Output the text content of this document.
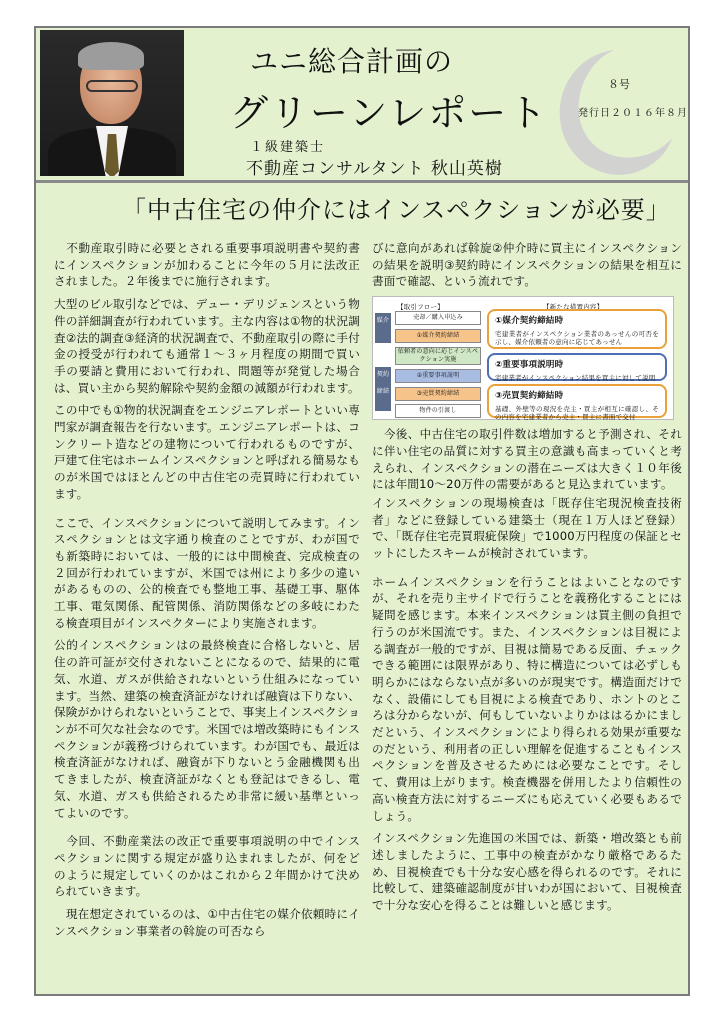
ユニ総合計画の
グリーンレポート
１級建築士
不動産コンサルタント 秋山英樹
８号
発行日２０１６年８月
「中古住宅の仲介にはインスペクションが必要」

　不動産取引時に必要とされる重要事項説明書や契約書にインスペクションが加わることに今年の５月に法改正されました。２年後までに施行されます。

大型のビル取引などでは、デュー・デリジェンスという物件の詳細調査が行われています。主な内容は①物的状況調査②法的調査③経済的状況調査で、不動産取引の際に手付金の授受が行われても通常１～３ヶ月程度の期間で買い手の要請と費用において行われ、問題等が発覚した場合は、買い主から契約解除や契約金額の減額が行われます。

この中でも①物的状況調査をエンジニアレポートといい専門家が調査報告を行ないます。エンジニアレポートは、コンクリート造などの建物について行われるものですが、戸建て住宅はホームインスペクションと呼ばれる簡易なものが米国ではほとんどの中古住宅の売買時に行われています。

ここで、インスペクションについて説明してみます。インスペクションとは文字通り検査のことですが、わが国でも新築時においては、一般的には中間検査、完成検査の２回が行われていますが、米国では州により多少の違いがあるものの、公的検査でも整地工事、基礎工事、駆体工事、電気関係、配管関係、消防関係などの多岐にわたる検査項目がインスペクターにより実施されます。

公的インスペクションはの最終検査に合格しないと、居住の許可証が交付されないことになるので、結果的に電気、水道、ガスが供給されないという仕組みになっています。当然、建築の検査済証がなければ融資は下りない、保険がかけられないということで、事実上インスペクションが不可欠な社会なのです。米国では増改築時にもインスペクションが義務づけられています。わが国でも、最近は検査済証がなければ、融資が下りないとう金融機関も出てきましたが、検査済証がなくとも登記はできるし、電気、水道、ガスも供給されるため非常に緩い基準といってよいのです。

　今回、不動産業法の改正で重要事項説明の中でインスペクションに関する規定が盛り込まれましたが、何をどのように規定していくのかはこれから２年間かけて決められていきます。

　現在想定されているのは、①中古住宅の媒介依頼時にインスペクション事業者の斡旋の可否なら

びに意向があれば斡旋②仲介時に買主にインスペクションの結果を説明③契約時にインスペクションの結果を相互に書面で確認、という流れです。

【取引フロー】	【新たな措置内容】
媒介
契約締結
売却／購入申込み
①媒介契約締結
依頼者の意向に応じインスペクション実施
②重要事項説明
③売買契約締結
物件の引渡し
①媒介契約締結時
宅建業者がインスペクション業者のあっせんの可否を示し、媒介依頼者の意向に応じてあっせん
②重要事項説明時
宅建業者がインスペクション結果を買主に対して説明
③売買契約締結時
基礎、外壁等の現況を売主・買主が相互に確認し、その内容を宅建業者から売主・買主に書面で交付

　今後、中古住宅の取引件数は増加すると予測され、それに伴い住宅の品質に対する買主の意識も高まっていくと考えられ、インスペクションの潜在ニーズは大きく１０年後には年間10～20万件の需要があると見込まれています。

インスペクションの現場検査は「既存住宅現況検査技術者」などに登録している建築士（現在１万人ほど登録）で、「既存住宅売買瑕疵保険」で1000万円程度の保証とセットにしたスキームが検討されています。

ホームインスペクションを行うことはよいことなのですが、それを売り主サイドで行うことを義務化することには疑問を感じます。本来インスペクションは買主側の負担で行うのが米国流です。また、インスペクションは目視による調査が一般的ですが、目視は簡易である反面、チェックできる範囲には限界があり、特に構造については必ずしも明らかにはならない点が多いのが現実です。構造面だけでなく、設備にしても目視による検査であり、ホントのところは分からないが、何もしていないよりかははるかにましだという、インスペクションにより得られる効果が重要なのだという、利用者の正しい理解を促進することもインスペクションを普及させるためには必要なことです。そして、費用は上がります。検査機器を併用したより信頼性の高い検査方法に対するニーズにも応えていく必要もあるでしょう。

インスペクション先進国の米国では、新築・増改築とも前述しましたように、工事中の検査がかなり厳格であるため、目視検査でも十分な安心感を得られるのです。それに比較して、建築確認制度が甘いわが国において、目視検査で十分な安心を得ることは難しいと感じます。
